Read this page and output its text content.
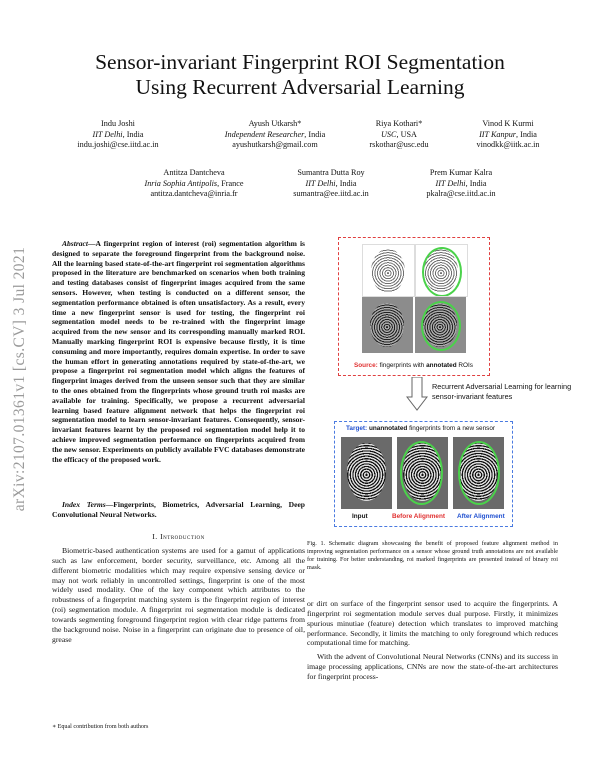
Sensor-invariant Fingerprint ROI Segmentation
Using Recurrent Adversarial Learning
Indu Joshi
IIT Delhi, India
indu.joshi@cse.iitd.ac.in
Ayush Utkarsh*
Independent Researcher, India
ayushutkarsh@gmail.com
Riya Kothari*
USC, USA
rskothar@usc.edu
Vinod K Kurmi
IIT Kanpur, India
vinodkk@iitk.ac.in
Antitza Dantcheva
Inria Sophia Antipolis, France
antitza.dantcheva@inria.fr
Sumantra Dutta Roy
IIT Delhi, India
sumantra@ee.iitd.ac.in
Prem Kumar Kalra
IIT Delhi, India
pkalra@cse.iitd.ac.in
arXiv:2107.01361v1 [cs.CV] 3 Jul 2021
Abstract—A fingerprint region of interest (roi) segmentation algorithm is designed to separate the foreground fingerprint from the background noise. All the learning based state-of-the-art fingerprint roi segmentation algorithms proposed in the literature are benchmarked on scenarios when both training and testing databases consist of fingerprint images acquired from the same sensors. However, when testing is conducted on a different sensor, the segmentation performance obtained is often unsatisfactory. As a result, every time a new fingerprint sensor is used for testing, the fingerprint roi segmentation model needs to be re-trained with the fingerprint image acquired from the new sensor and its corresponding manually marked ROI. Manually marking fingerprint ROI is expensive because firstly, it is time consuming and more importantly, requires domain expertise. In order to save the human effort in generating annotations required by state-of-the-art, we propose a fingerprint roi segmentation model which aligns the features of fingerprint images derived from the unseen sensor such that they are similar to the ones obtained from the fingerprints whose ground truth roi masks are available for training. Specifically, we propose a recurrent adversarial learning based feature alignment network that helps the fingerprint roi segmentation model to learn sensor-invariant features. Consequently, sensor-invariant features learnt by the proposed roi segmentation model help it to achieve improved segmentation performance on fingerprints acquired from the new sensor. Experiments on publicly available FVC databases demonstrate the efficacy of the proposed work.
Index Terms—Fingerprints, Biometrics, Adversarial Learning, Deep Convolutional Neural Networks.
I. Introduction
Biometric-based authentication systems are used for a gamut of applications such as law enforcement, border security, surveillance, etc. Among all the different biometric modalities which may require expensive sensing device or may not work reliably in uncontrolled settings, fingerprint is one of the most widely used modality. One of the key component which attributes to the robustness of a fingerprint matching system is the fingerprint region of interest (roi) segmentation module. A fingerprint roi segmentation module is dedicated towards segmenting foreground fingerprint region with clear ridge patterns from the background noise. Noise in a fingerprint can originate due to presence of oil, grease
∗ Equal contribution from both authors
Source: fingerprints with annotated ROIs
Recurrent Adversarial Learning for learning sensor-invariant features
Target: unannotated fingerprints from a new sensor
Input	Before Alignment After Alignment
Fig. 1. Schematic diagram showcasing the benefit of proposed feature alignment method in improving segmentation performance on a sensor whose ground truth annotations are not available for training. For better understanding, roi marked fingerprints are presented instead of binary roi mask.
or dirt on surface of the fingerprint sensor used to acquire the fingerprints. A fingerprint roi segmentation module serves dual purpose. Firstly, it minimizes spurious minutiae (feature) detection which translates to improved matching performance. Secondly, it limits the matching to only foreground which reduces computational time for matching.
With the advent of Convolutional Neural Networks (CNNs) and its success in image processing applications, CNNs are now the state-of-the-art architectures for fingerprint process-
